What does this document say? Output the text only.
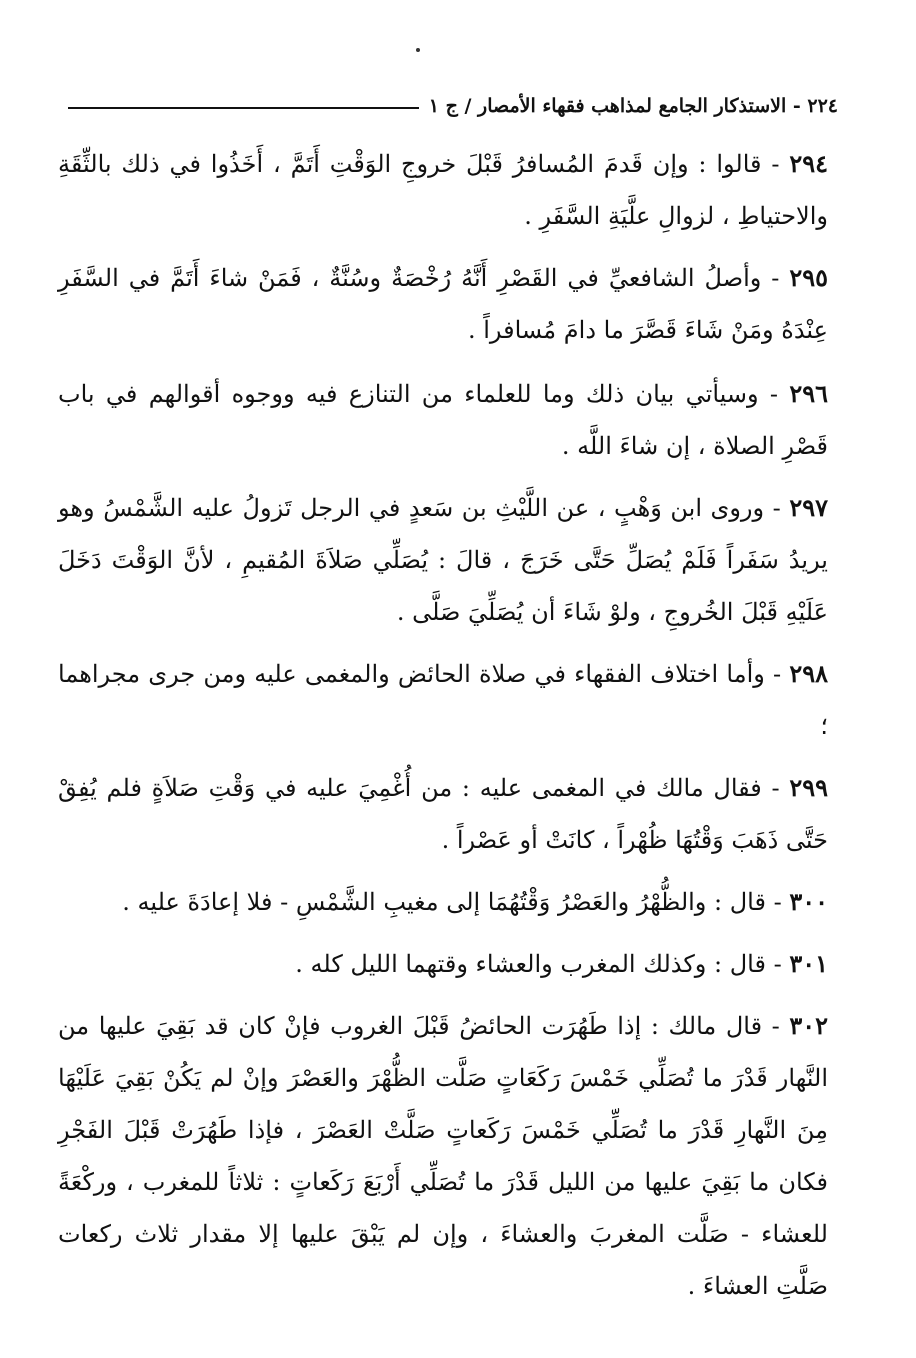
٢٢٤ - الاستذكار الجامع لمذاهب فقهاء الأمصار / ج ١

٢٩٤ - قالوا : وإن قَدمَ المُسافرُ قَبْلَ خروجِ الوَقْتِ أَتَمَّ ، أَخَذُوا في ذلك بالثِّقَةِ والاحتياطِ ، لزوالِ علَّيَةِ السَّفَرِ .

٢٩٥ - وأصلُ الشافعيِّ في القَصْرِ أَنَّهُ رُخْصَةٌ وسُنَّةٌ ، فَمَنْ شاءَ أَتَمَّ في السَّفَرِ عِنْدَهُ ومَنْ شَاءَ قَصَّرَ ما دامَ مُسافراً .

٢٩٦ - وسيأتي بيان ذلك وما للعلماء من التنازع فيه ووجوه أقوالهم في باب قَصْرِ الصلاة ، إن شاءَ اللَّه .

٢٩٧ - وروى ابن وَهْبٍ ، عن اللَّيْثِ بن سَعدٍ في الرجل تَزولُ عليه الشَّمْسُ وهو يريدُ سَفَراً فَلَمْ يُصَلِّ حَتَّى خَرَجَ ، قالَ : يُصَلِّي صَلاَةَ المُقيمِ ، لأنَّ الوَقْتَ دَخَلَ عَلَيْهِ قَبْلَ الخُروجِ ، ولوْ شَاءَ أن يُصَلِّيَ صَلَّى .

٢٩٨ - وأما اختلاف الفقهاء في صلاة الحائض والمغمى عليه ومن جرى مجراهما ؛

٢٩٩ - فقال مالك في المغمى عليه : من أُغْمِيَ عليه في وَقْتِ صَلاَةٍ فلم يُفِقْ حَتَّى ذَهَبَ وَقْتُهَا ظُهْراً ، كانَتْ أو عَصْراً .

٣٠٠ - قال : والظُّهْرُ والعَصْرُ وَقْتُهُمَا إلى مغيبِ الشَّمْسِ - فلا إعادَةَ عليه .

٣٠١ - قال : وكذلك المغرب والعشاء وقتهما الليل كله .

٣٠٢ - قال مالك : إذا طَهُرَت الحائضُ قَبْلَ الغروب فإنْ كان قد بَقِيَ عليها من النَّهار قَدْرَ ما تُصَلِّي خَمْسَ رَكَعَاتٍ صَلَّت الظُّهْرَ والعَصْرَ وإنْ لم يَكُنْ بَقِيَ عَلَيْهَا مِنَ النَّهارِ قَدْرَ ما تُصَلِّي خَمْسَ رَكَعاتٍ صَلَّتْ العَصْرَ ، فإذا طَهُرَتْ قَبْلَ الفَجْرِ فكان ما بَقِيَ عليها من الليل قَدْرَ ما تُصَلِّي أَرْبَعَ رَكَعاتٍ : ثلاثاً للمغرب ، وركْعَةً للعشاء - صَلَّت المغربَ والعشاءَ ، وإن لم يَبْقَ عليها إلا مقدار ثلاث ركعات صَلَّتِ العشاءَ .
